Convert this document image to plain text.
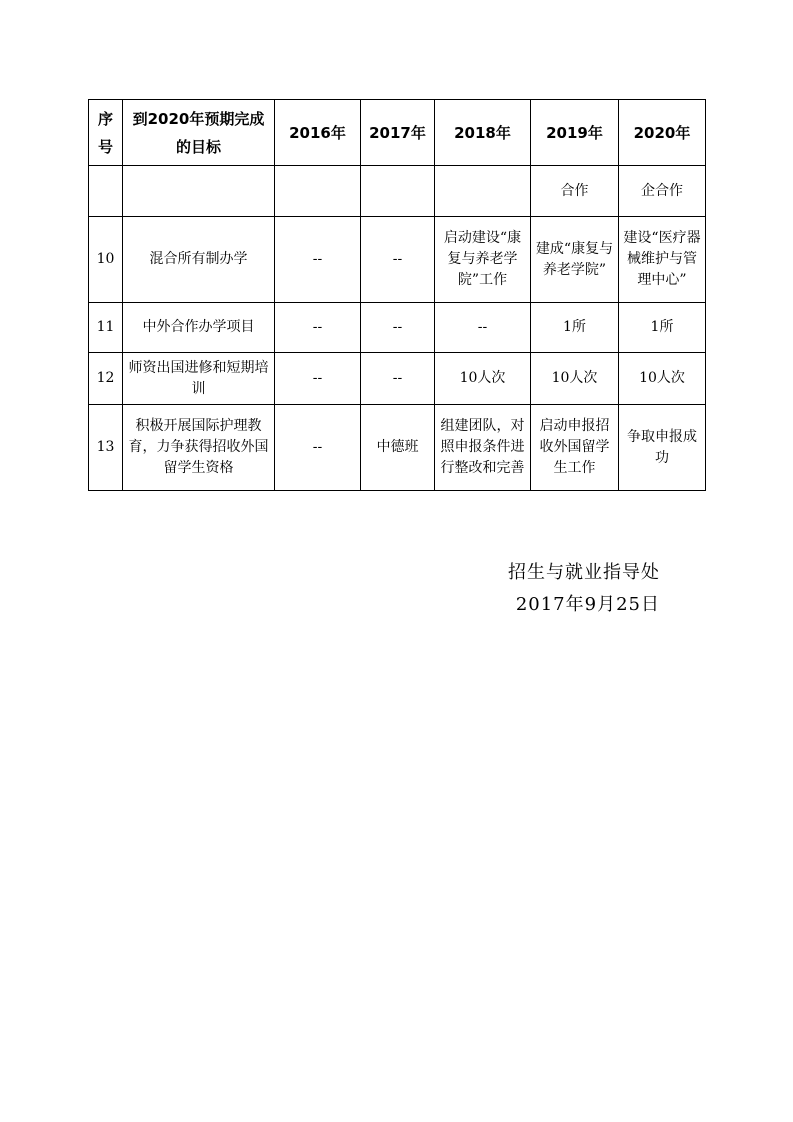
序号	到2020年预期完成的目标	2016年	2017年	2018年	2019年	2020年
					合作	企合作
10	混合所有制办学	--	--	启动建设“康复与养老学院”工作	建成“康复与养老学院”	建设“医疗器械维护与管理中心”
11	中外合作办学项目	--	--	--	1所	1所
12	师资出国进修和短期培训	--	--	10人次	10人次	10人次
13	积极开展国际护理教育，力争获得招收外国留学生资格	--	中德班	组建团队，对照申报条件进行整改和完善	启动申报招收外国留学生工作	争取申报成功
招生与就业指导处
2017年9月25日
